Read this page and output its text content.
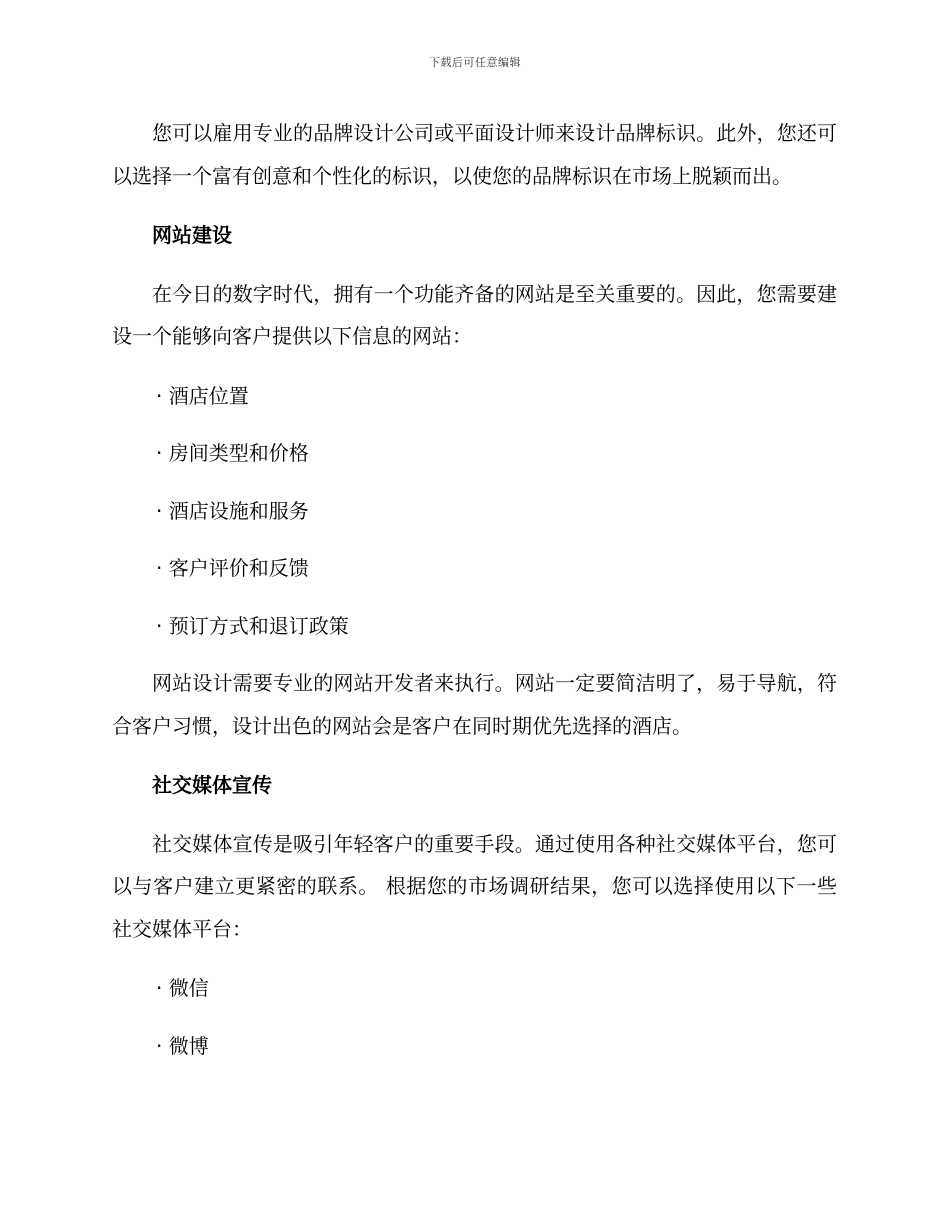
下载后可任意编辑

您可以雇用专业的品牌设计公司或平面设计师来设计品牌标识。此外，您还可以选择一个富有创意和个性化的标识，以使您的品牌标识在市场上脱颖而出。

网站建设

在今日的数字时代，拥有一个功能齐备的网站是至关重要的。因此，您需要建设一个能够向客户提供以下信息的网站：

· 酒店位置

· 房间类型和价格

· 酒店设施和服务

· 客户评价和反馈

· 预订方式和退订政策

网站设计需要专业的网站开发者来执行。网站一定要简洁明了，易于导航，符合客户习惯，设计出色的网站会是客户在同时期优先选择的酒店。

社交媒体宣传

社交媒体宣传是吸引年轻客户的重要手段。通过使用各种社交媒体平台，您可以与客户建立更紧密的联系。 根据您的市场调研结果，您可以选择使用以下一些社交媒体平台：

· 微信

· 微博
